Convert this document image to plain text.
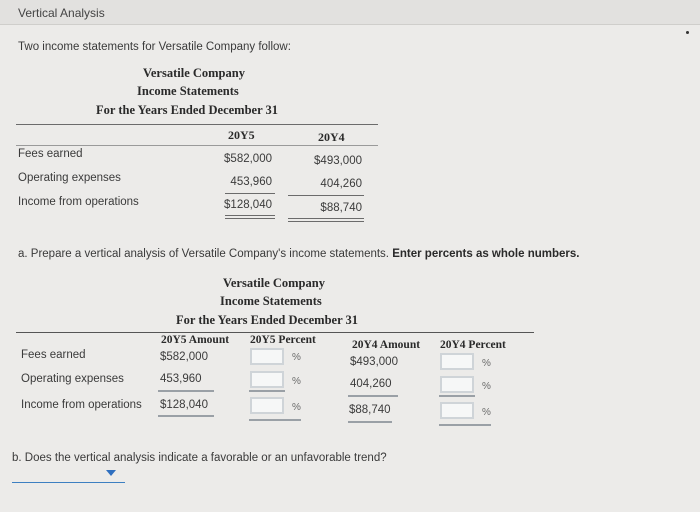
Vertical Analysis
Two income statements for Versatile Company follow:
Versatile Company
Income Statements
For the Years Ended December 31
20Y5	20Y4
Fees earned	$582,000	$493,000
Operating expenses	453,960	404,260
Income from operations	$128,040	$88,740
a. Prepare a vertical analysis of Versatile Company's income statements. Enter percents as whole numbers.
Versatile Company
Income Statements
For the Years Ended December 31
20Y5 Amount 20Y5 Percent	20Y4 Amount 20Y4 Percent
Fees earned	$582,000	%	$493,000	%
Operating expenses	453,960	%	404,260	%
Income from operations $128,040	%	$88,740	%
b. Does the vertical analysis indicate a favorable or an unfavorable trend?
